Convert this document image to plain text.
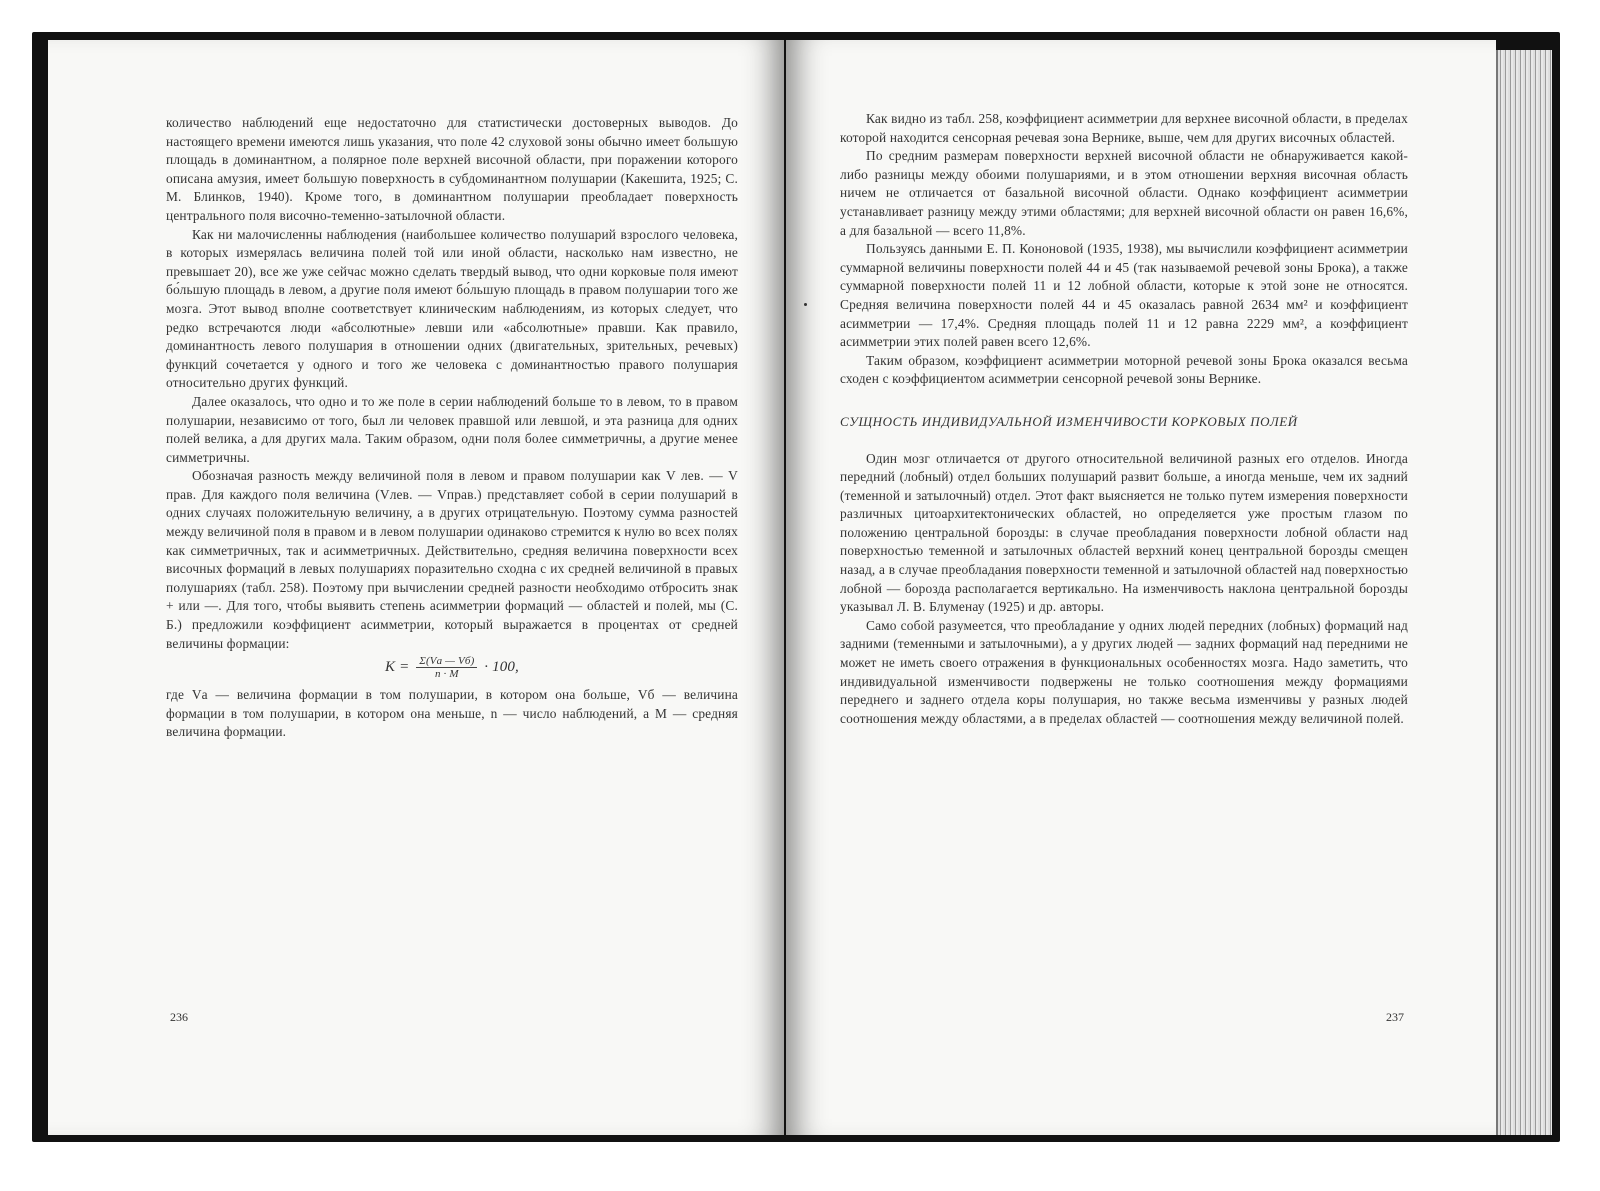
количество наблюдений еще недостаточно для статистически достоверных выводов. До настоящего времени имеются лишь указания, что поле 42 слуховой зоны обычно имеет большую площадь в доминантном, а полярное поле верхней височной области, при поражении которого описана амузия, имеет большую поверхность в субдоминантном полушарии (Какешита, 1925; С. М. Блинков, 1940). Кроме того, в доминантном полушарии преобладает поверхность центрального поля височно-теменно-затылочной области.

Как ни малочисленны наблюдения (наибольшее количество полушарий взрослого человека, в которых измерялась величина полей той или иной области, насколько нам известно, не превышает 20), все же уже сейчас можно сделать твердый вывод, что одни корковые поля имеют бо́льшую площадь в левом, а другие поля имеют бо́льшую площадь в правом полушарии того же мозга. Этот вывод вполне соответствует клиническим наблюдениям, из которых следует, что редко встречаются люди «абсолютные» левши или «абсолютные» правши. Как правило, доминантность левого полушария в отношении одних (двигательных, зрительных, речевых) функций сочетается у одного и того же человека с доминантностью правого полушария относительно других функций.

Далее оказалось, что одно и то же поле в серии наблюдений больше то в левом, то в правом полушарии, независимо от того, был ли человек правшой или левшой, и эта разница для одних полей велика, а для других мала. Таким образом, одни поля более симметричны, а другие менее симметричны.

Обозначая разность между величиной поля в левом и правом полушарии как V лев. — V прав. Для каждого поля величина (Vлев. — Vправ.) представляет собой в серии полушарий в одних случаях положительную величину, а в других отрицательную. Поэтому сумма разностей между величиной поля в правом и в левом полушарии одинаково стремится к нулю во всех полях как симметричных, так и асимметричных. Действительно, средняя величина поверхности всех височных формаций в левых полушариях поразительно сходна с их средней величиной в правых полушариях (табл. 258). Поэтому при вычислении средней разности необходимо отбросить знак + или —. Для того, чтобы выявить степень асимметрии формаций — областей и полей, мы (С. Б.) предложили коэффициент асимметрии, который выражается в процентах от средней величины формации:

$K = \frac{\Sigma(Vа — Vб)}{n \cdot M} \cdot 100$,

где Vа — величина формации в том полушарии, в котором она больше, Vб — величина формации в том полушарии, в котором она меньше, n — число наблюдений, а M — средняя величина формации.

236

Как видно из табл. 258, коэффициент асимметрии для верхнее височной области, в пределах которой находится сенсорная речевая зона Вернике, выше, чем для других височных областей.

По средним размерам поверхности верхней височной области не обнаруживается какой-либо разницы между обоими полушариями, и в этом отношении верхняя височная область ничем не отличается от базальной височной области. Однако коэффициент асимметрии устанавливает разницу между этими областями; для верхней височной области он равен 16,6%, а для базальной — всего 11,8%.

Пользуясь данными Е. П. Кононовой (1935, 1938), мы вычислили коэффициент асимметрии суммарной величины поверхности полей 44 и 45 (так называемой речевой зоны Брока), а также суммарной поверхности полей 11 и 12 лобной области, которые к этой зоне не относятся. Средняя величина поверхности полей 44 и 45 оказалась равной 2634 мм² и коэффициент асимметрии — 17,4%. Средняя площадь полей 11 и 12 равна 2229 мм², а коэффициент асимметрии этих полей равен всего 12,6%.

Таким образом, коэффициент асимметрии моторной речевой зоны Брока оказался весьма сходен с коэффициентом асимметрии сенсорной речевой зоны Вернике.

СУЩНОСТЬ ИНДИВИДУАЛЬНОЙ ИЗМЕНЧИВОСТИ КОРКОВЫХ ПОЛЕЙ

Один мозг отличается от другого относительной величиной разных его отделов. Иногда передний (лобный) отдел больших полушарий развит больше, а иногда меньше, чем их задний (теменной и затылочный) отдел. Этот факт выясняется не только путем измерения поверхности различных цитоархитектонических областей, но определяется уже простым глазом по положению центральной борозды: в случае преобладания поверхности лобной области над поверхностью теменной и затылочных областей верхний конец центральной борозды смещен назад, а в случае преобладания поверхности теменной и затылочной областей над поверхностью лобной — борозда располагается вертикально. На изменчивость наклона центральной борозды указывал Л. В. Блуменау (1925) и др. авторы.

Само собой разумеется, что преобладание у одних людей передних (лобных) формаций над задними (теменными и затылочными), а у других людей — задних формаций над передними не может не иметь своего отражения в функциональных особенностях мозга. Надо заметить, что индивидуальной изменчивости подвержены не только соотношения между формациями переднего и заднего отдела коры полушария, но также весьма изменчивы у разных людей соотношения между областями, а в пределах областей — соотношения между величиной полей.

237
